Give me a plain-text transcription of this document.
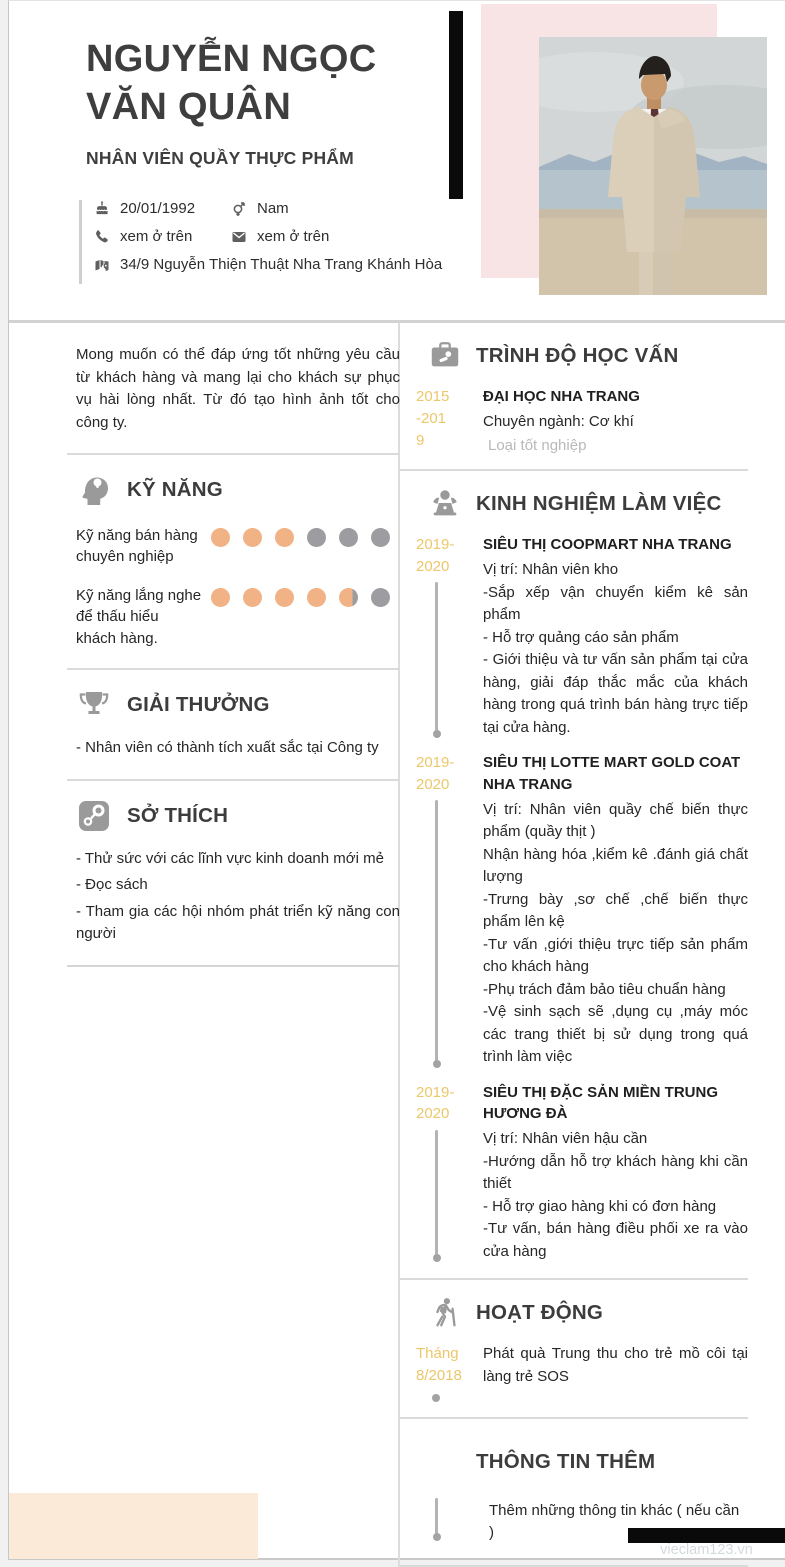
NGUYỄN NGỌC VĂN QUÂN
NHÂN VIÊN QUẦY THỰC PHẨM
20/01/1992	Nam
xem ở trên	xem ở trên
34/9 Nguyễn Thiện Thuật Nha Trang Khánh Hòa
Mong muốn có thể đáp ứng tốt những yêu cầu từ khách hàng và mang lại cho khách sự phục vụ hài lòng nhất. Từ đó tạo hình ảnh tốt cho công ty.
KỸ NĂNG
Kỹ năng bán hàng chuyên nghiệp
Kỹ năng lắng nghe để thấu hiểu khách hàng.
GIẢI THƯỞNG
- Nhân viên có thành tích xuất sắc tại Công ty
SỞ THÍCH
- Thử sức với các lĩnh vực kinh doanh mới mẻ
- Đọc sách
- Tham gia các hội nhóm phát triển kỹ năng con người
TRÌNH ĐỘ HỌC VẤN
2015-2019
ĐẠI HỌC NHA TRANG
Chuyên ngành: Cơ khí
Loại tốt nghiệp
KINH NGHIỆM LÀM VIỆC
2019-2020
SIÊU THỊ COOPMART NHA TRANG
Vị trí: Nhân viên kho
-Sắp xếp vận chuyển kiểm kê sản phẩm
- Hỗ trợ quảng cáo sản phẩm
- Giới thiệu và tư vấn sản phẩm tại cửa hàng, giải đáp thắc mắc của khách hàng trong quá trình bán hàng trực tiếp tại cửa hàng.
2019-2020
SIÊU THỊ LOTTE MART GOLD COAT NHA TRANG
Vị trí: Nhân viên quầy chế biến thực phẩm (quầy thịt )
Nhận hàng hóa ,kiểm kê .đánh giá chất lượng
-Trưng bày ,sơ chế ,chế biến thực phẩm lên kệ
-Tư vấn ,giới thiệu trực tiếp sản phẩm cho khách hàng
-Phụ trách đảm bảo tiêu chuẩn hàng
-Vệ sinh sạch sẽ ,dụng cụ ,máy móc các trang thiết bị sử dụng trong quá trình làm việc
2019-2020
SIÊU THỊ ĐẶC SẢN MIỀN TRUNG HƯƠNG ĐÀ
Vị trí: Nhân viên hậu cần
-Hướng dẫn hỗ trợ khách hàng khi cần thiết
- Hỗ trợ giao hàng khi có đơn hàng
-Tư vấn, bán hàng điều phối xe ra vào cửa hàng
HOẠT ĐỘNG
Tháng 8/2018
Phát quà Trung thu cho trẻ mồ côi tại làng trẻ SOS
THÔNG TIN THÊM
Thêm những thông tin khác ( nếu cần )
vieclam123.vn
